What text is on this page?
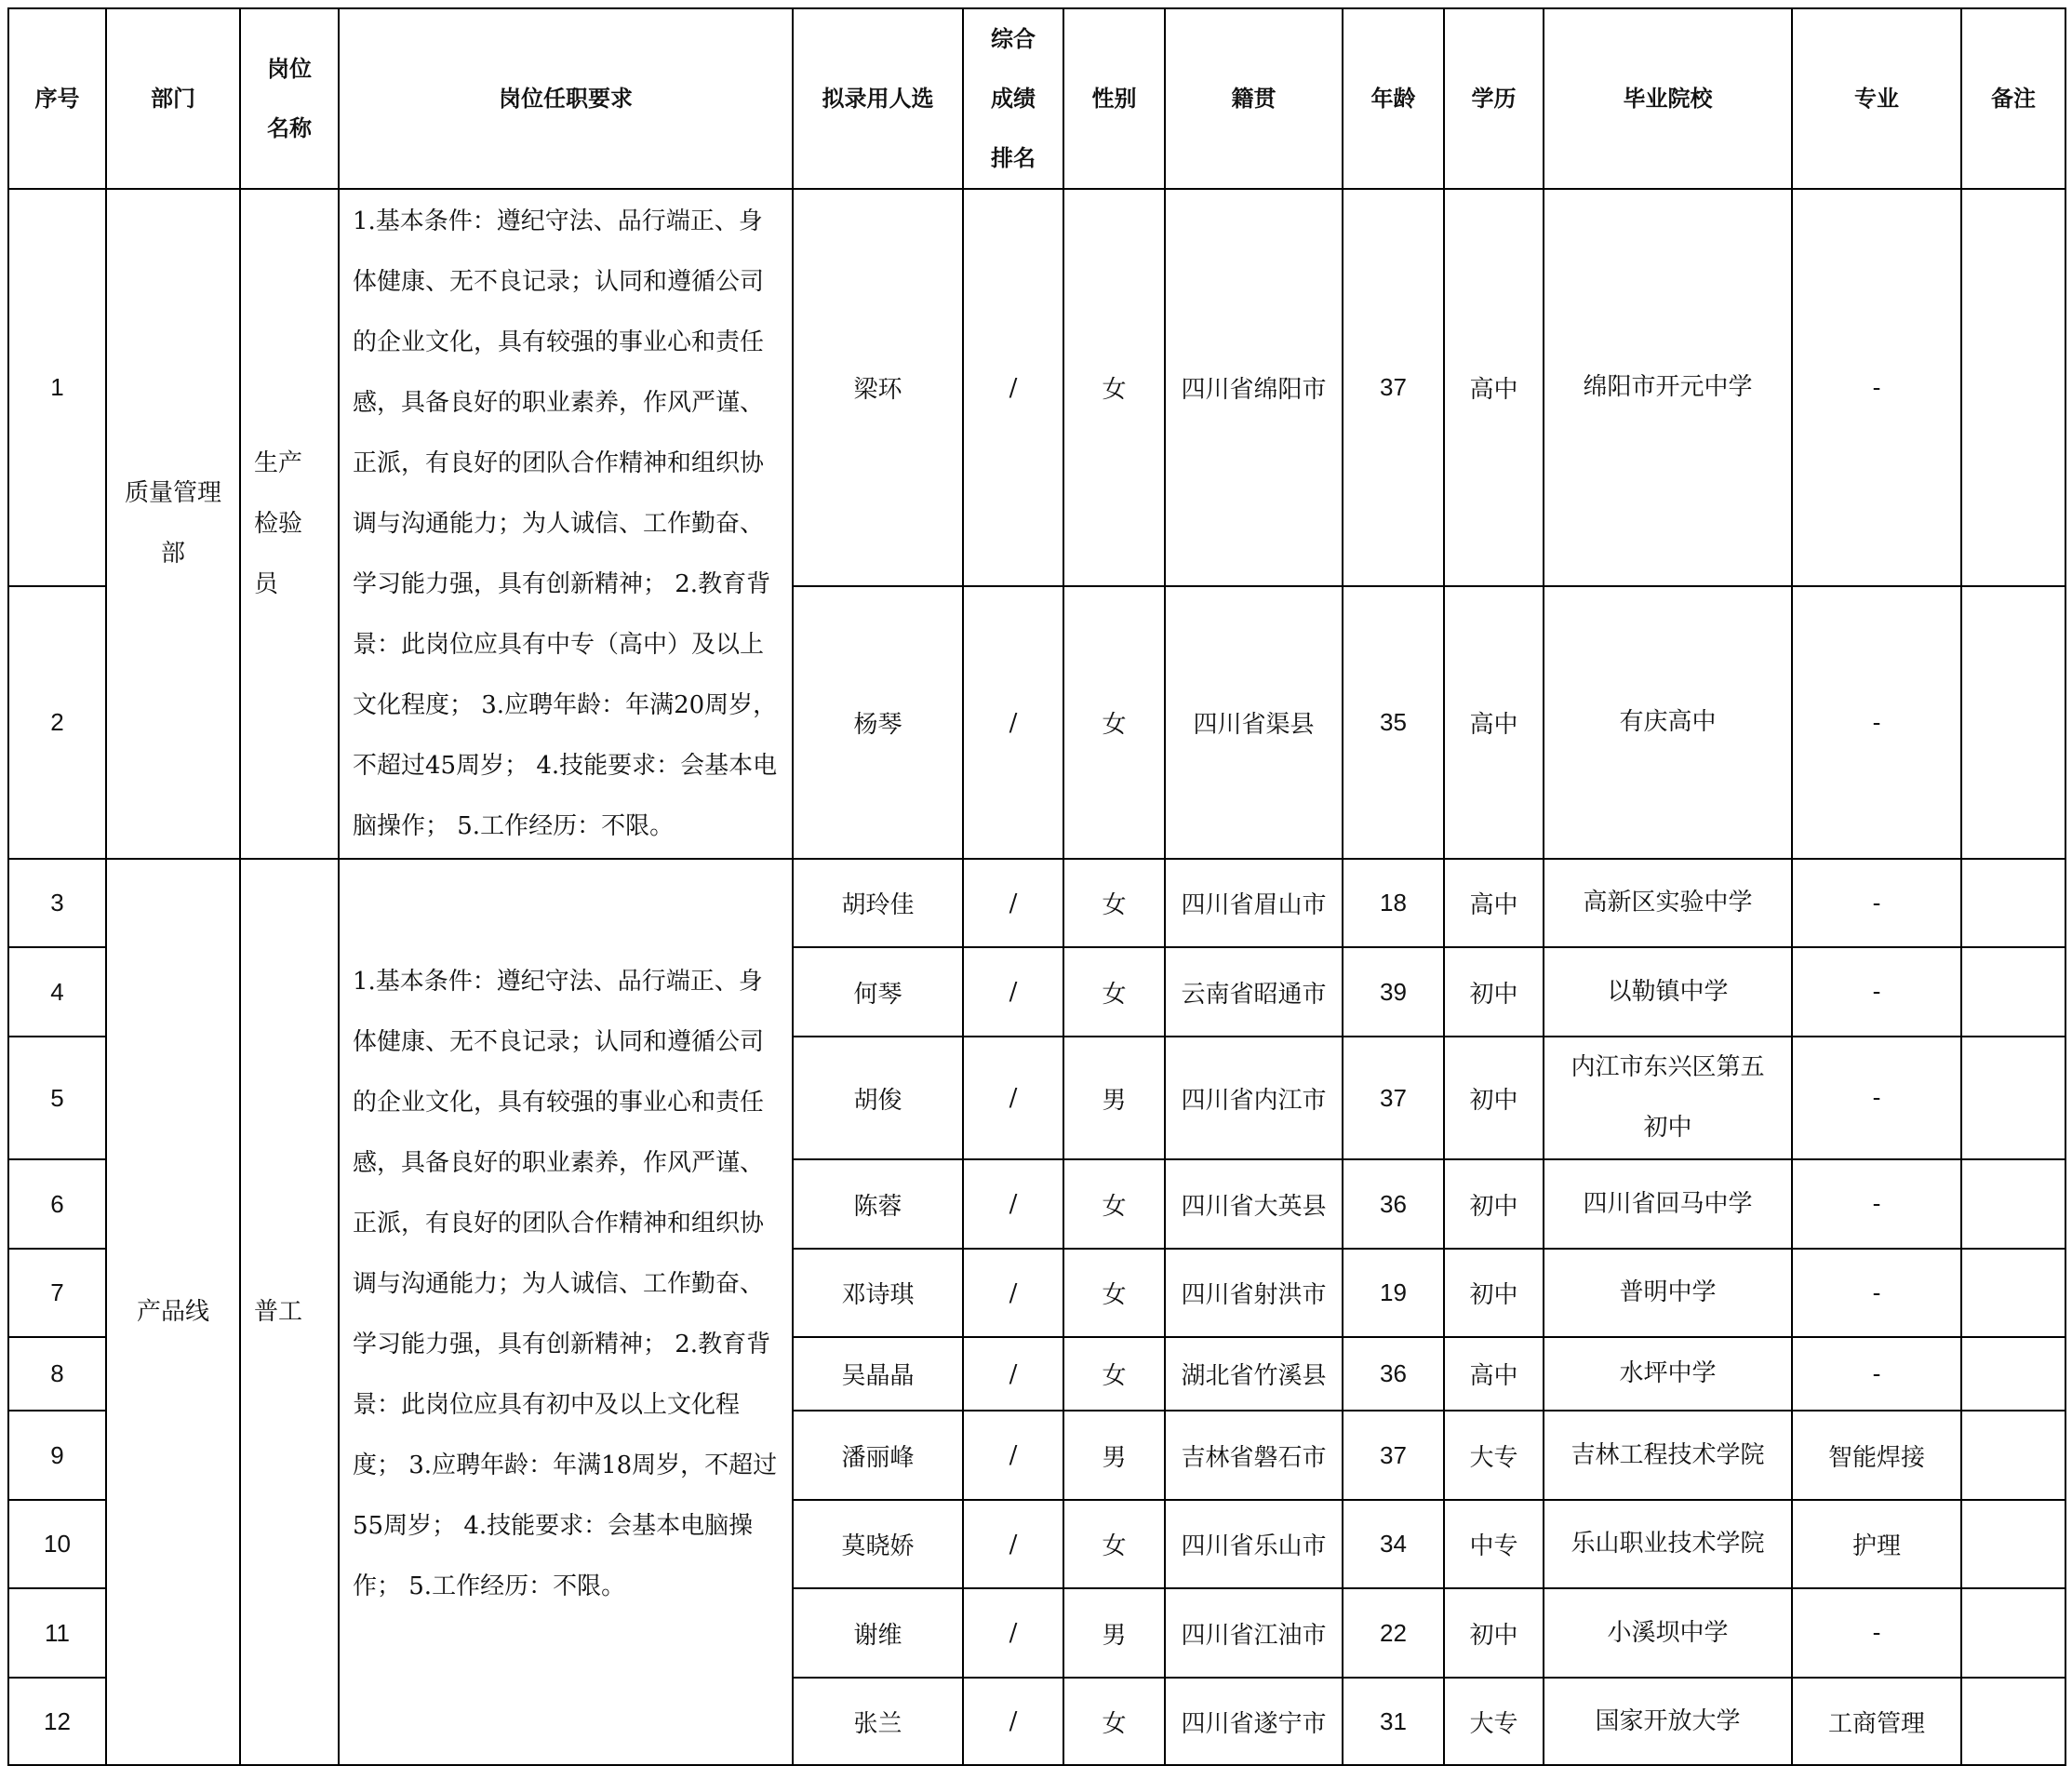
序号	部门	岗位名称	岗位任职要求	拟录用人选	综合成绩排名	性别	籍贯	年龄	学历	毕业院校	专业	备注
1	质量管理部	生产检验员	1.基本条件：遵纪守法、品行端正、身体健康、无不良记录；认同和遵循公司的企业文化，具有较强的事业心和责任感，具备良好的职业素养，作风严谨、正派，有良好的团队合作精神和组织协调与沟通能力；为人诚信、工作勤奋、学习能力强，具有创新精神； 2.教育背景：此岗位应具有中专（高中）及以上文化程度； 3.应聘年龄：年满20周岁，不超过45周岁； 4.技能要求：会基本电脑操作； 5.工作经历：不限。	梁环	/	女	四川省绵阳市	37	高中	绵阳市开元中学	-	
2				杨琴	/	女	四川省渠县	35	高中	有庆高中	-	
3	产品线	普工	1.基本条件：遵纪守法、品行端正、身体健康、无不良记录；认同和遵循公司的企业文化，具有较强的事业心和责任感，具备良好的职业素养，作风严谨、正派，有良好的团队合作精神和组织协调与沟通能力；为人诚信、工作勤奋、学习能力强，具有创新精神； 2.教育背景：此岗位应具有初中及以上文化程度； 3.应聘年龄：年满18周岁，不超过55周岁； 4.技能要求：会基本电脑操作； 5.工作经历：不限。	胡玲佳	/	女	四川省眉山市	18	高中	高新区实验中学	-	
4				何琴	/	女	云南省昭通市	39	初中	以勒镇中学	-	
5				胡俊	/	男	四川省内江市	37	初中	内江市东兴区第五初中	-	
6				陈蓉	/	女	四川省大英县	36	初中	四川省回马中学	-	
7				邓诗琪	/	女	四川省射洪市	19	初中	普明中学	-	
8				吴晶晶	/	女	湖北省竹溪县	36	高中	水坪中学	-	
9				潘丽峰	/	男	吉林省磐石市	37	大专	吉林工程技术学院	智能焊接	
10				莫晓娇	/	女	四川省乐山市	34	中专	乐山职业技术学院	护理	
11				谢维	/	男	四川省江油市	22	初中	小溪坝中学	-	
12				张兰	/	女	四川省遂宁市	31	大专	国家开放大学	工商管理	
